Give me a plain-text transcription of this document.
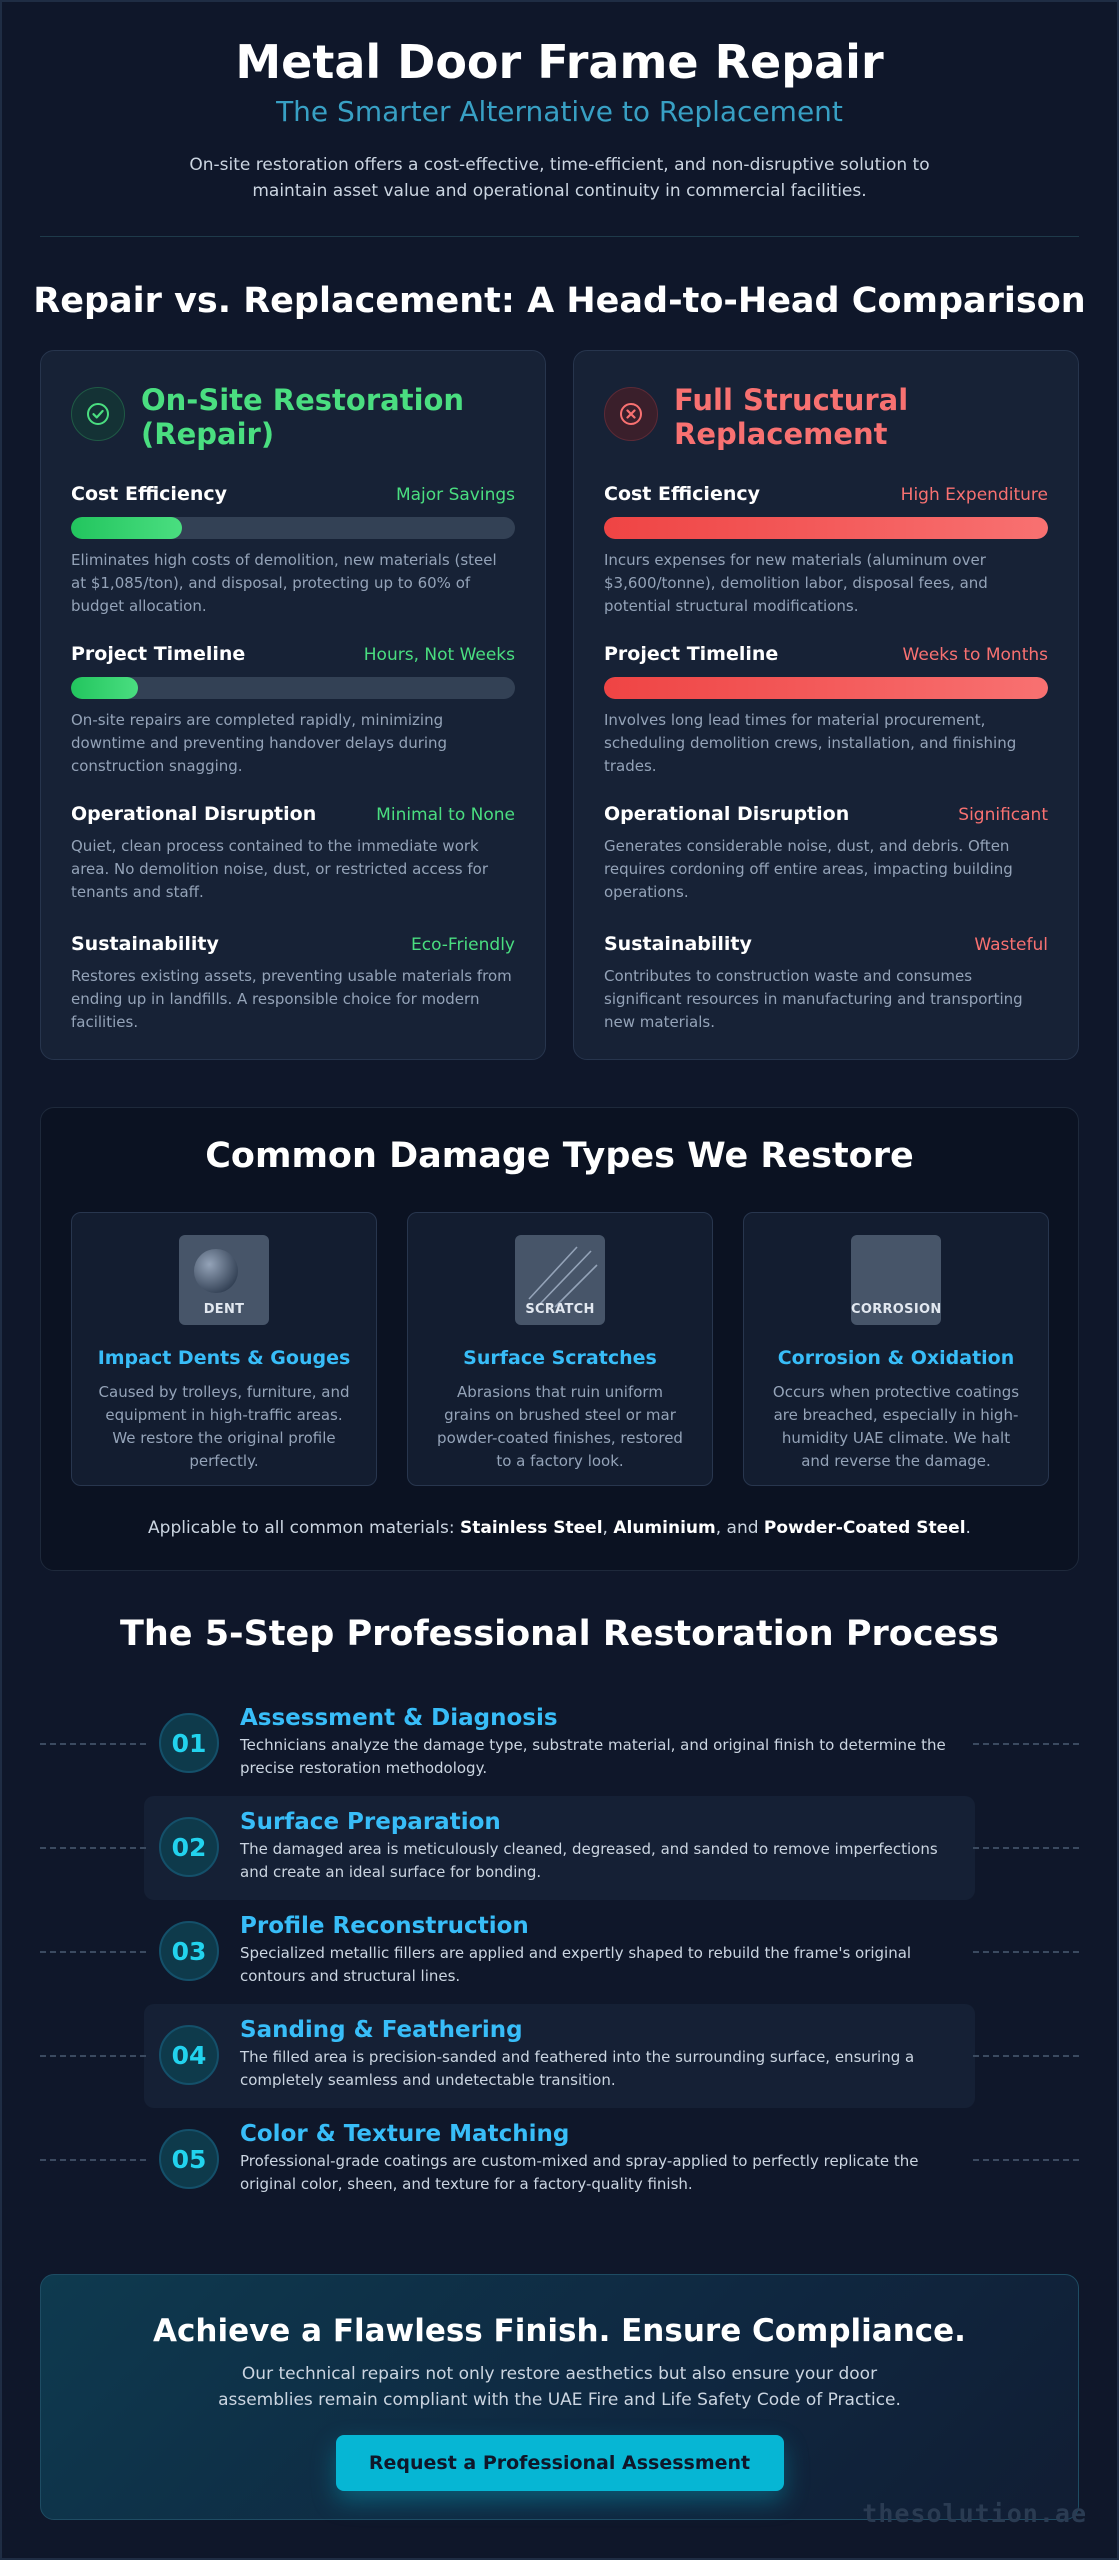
Metal Door Frame Repair
The Smarter Alternative to Replacement

On-site restoration offers a cost-effective, time-efficient, and non-disruptive solution to maintain asset value and operational continuity in commercial facilities.

Repair vs. Replacement: A Head-to-Head Comparison
On-Site Restoration (Repair)
Cost Efficiency	Major Savings

Eliminates high costs of demolition, new materials (steel at $1,085/ton), and disposal, protecting up to 60% of budget allocation.

Project Timeline	Hours, Not Weeks

On-site repairs are completed rapidly, minimizing downtime and preventing handover delays during construction snagging.

Operational Disruption	Minimal to None

Quiet, clean process contained to the immediate work area. No demolition noise, dust, or restricted access for tenants and staff.

Sustainability	Eco-Friendly

Restores existing assets, preventing usable materials from ending up in landfills. A responsible choice for modern facilities.

Full Structural Replacement
Cost Efficiency	High Expenditure

Incurs expenses for new materials (aluminum over $3,600/tonne), demolition labor, disposal fees, and potential structural modifications.

Project Timeline	Weeks to Months

Involves long lead times for material procurement, scheduling demolition crews, installation, and finishing trades.

Operational Disruption	Significant

Generates considerable noise, dust, and debris. Often requires cordoning off entire areas, impacting building operations.

Sustainability	Wasteful

Contributes to construction waste and consumes significant resources in manufacturing and transporting new materials.

Common Damage Types We Restore
DENT
Impact Dents & Gouges

Caused by trolleys, furniture, and equipment in high-traffic areas. We restore the original profile perfectly.

SCRATCH
Surface Scratches

Abrasions that ruin uniform grains on brushed steel or mar powder-coated finishes, restored to a factory look.

CORROSION
Corrosion & Oxidation

Occurs when protective coatings are breached, especially in high-humidity UAE climate. We halt and reverse the damage.

Applicable to all common materials: Stainless Steel, Aluminium, and Powder-Coated Steel.

The 5-Step Professional Restoration Process
01
Assessment & Diagnosis

Technicians analyze the damage type, substrate material, and original finish to determine the precise restoration methodology.

02
Surface Preparation

The damaged area is meticulously cleaned, degreased, and sanded to remove imperfections and create an ideal surface for bonding.

03
Profile Reconstruction

Specialized metallic fillers are applied and expertly shaped to rebuild the frame's original contours and structural lines.

04
Sanding & Feathering

The filled area is precision-sanded and feathered into the surrounding surface, ensuring a completely seamless and undetectable transition.

05
Color & Texture Matching

Professional-grade coatings are custom-mixed and spray-applied to perfectly replicate the original color, sheen, and texture for a factory-quality finish.

Achieve a Flawless Finish. Ensure Compliance.

Our technical repairs not only restore aesthetics but also ensure your door assemblies remain compliant with the UAE Fire and Life Safety Code of Practice.

Request a Professional Assessment
thesolution.ae
